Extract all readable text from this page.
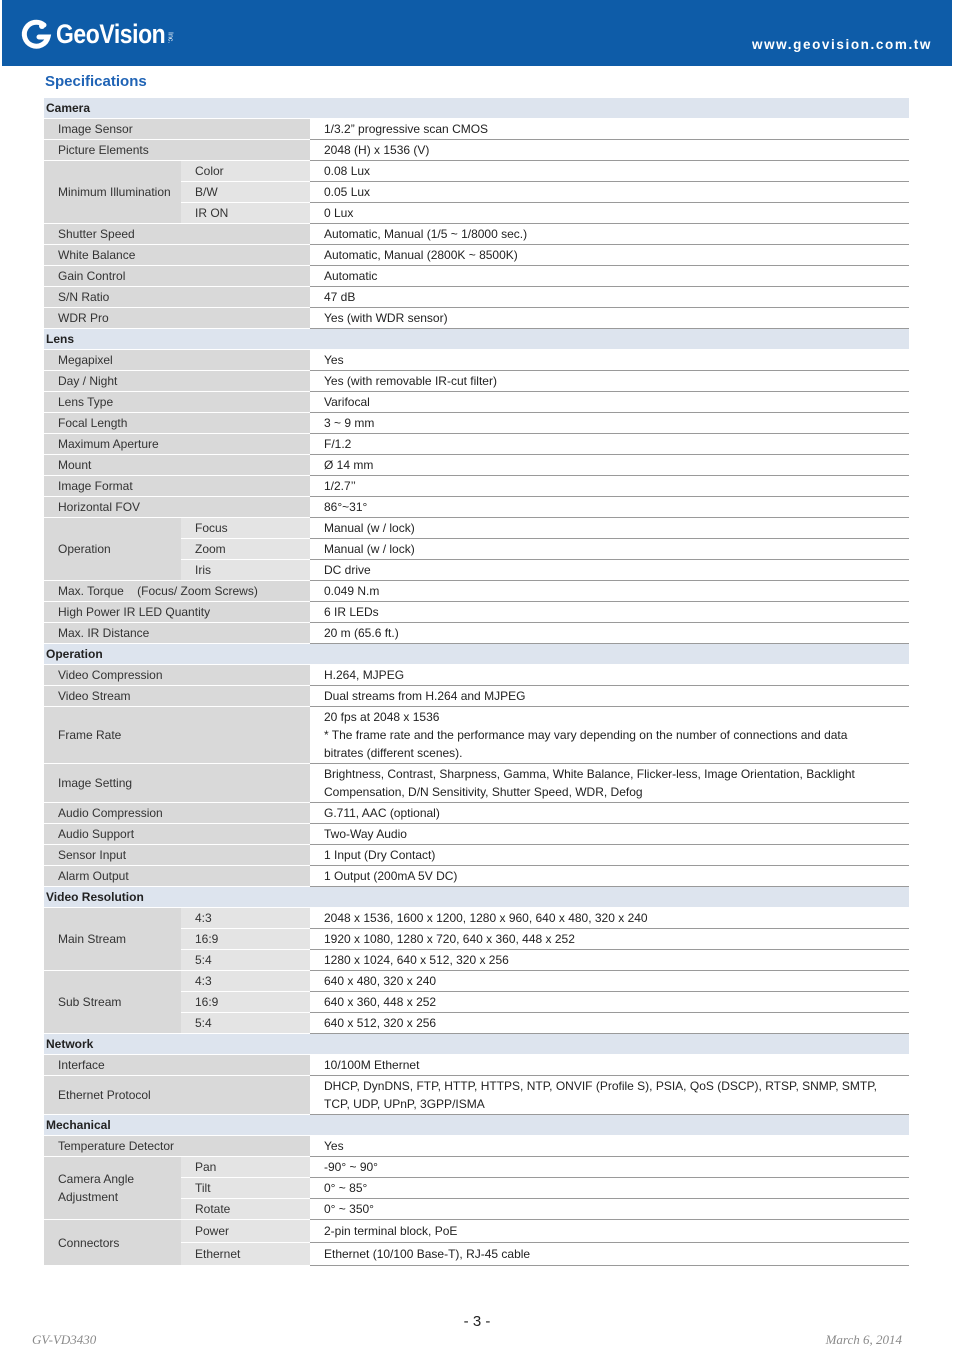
GeoVision Inc.	www.geovision.com.tw
Specifications
Camera		
Image Sensor		1/3.2” progressive scan CMOS
Picture Elements		2048 (H) x 1536 (V)
Minimum Illumination	Color	0.08 Lux
	B/W	0.05 Lux
	IR ON	0 Lux
Shutter Speed		Automatic, Manual (1/5 ~ 1/8000 sec.)
White Balance		Automatic, Manual (2800K ~ 8500K)
Gain Control		Automatic
S/N Ratio		47 dB
WDR Pro		Yes (with WDR sensor)
Lens		
Megapixel		Yes
Day / Night		Yes (with removable IR-cut filter)
Lens Type		Varifocal
Focal Length		3 ~ 9 mm
Maximum Aperture		F/1.2
Mount		Ø 14 mm
Image Format		1/2.7’’
Horizontal FOV		86°~31°
Operation	Focus	Manual (w / lock)
	Zoom	Manual (w / lock)
	Iris	DC drive
Max. Torque    (Focus/ Zoom Screws)		0.049 N.m
High Power IR LED Quantity		6 IR LEDs
Max. IR Distance		20 m (65.6 ft.)
Operation		
Video Compression		H.264, MJPEG
Video Stream		Dual streams from H.264 and MJPEG
Frame Rate		20 fps at 2048 x 1536
* The frame rate and the performance may vary depending on the number of connections and data bitrates (different scenes).

Image Setting		Brightness, Contrast, Sharpness, Gamma, White Balance, Flicker-less, Image Orientation, Backlight Compensation, D/N Sensitivity, Shutter Speed, WDR, Defog
Audio Compression		G.711, AAC (optional)
Audio Support		Two-Way Audio
Sensor Input		1 Input (Dry Contact)
Alarm Output		1 Output (200mA 5V DC)
Video Resolution		
Main Stream	4:3	2048 x 1536, 1600 x 1200, 1280 x 960, 640 x 480, 320 x 240
	16:9	1920 x 1080, 1280 x 720, 640 x 360, 448 x 252
	5:4	1280 x 1024, 640 x 512, 320 x 256
Sub Stream	4:3	640 x 480, 320 x 240
	16:9	640 x 360, 448 x 252
	5:4	640 x 512, 320 x 256
Network		
Interface		10/100M Ethernet
Ethernet Protocol		DHCP, DynDNS, FTP, HTTP, HTTPS, NTP, ONVIF (Profile S), PSIA, QoS (DSCP), RTSP, SNMP, SMTP, TCP, UDP, UPnP, 3GPP/ISMA
Mechanical		
Temperature Detector		Yes
Camera Angle Adjustment	Pan	-90° ~ 90°
	Tilt	0° ~ 85°
	Rotate	0° ~ 350°
Connectors	Power	2-pin terminal block, PoE
	Ethernet	Ethernet (10/100 Base-T), RJ-45 cable
- 3 -
GV-VD3430	March 6, 2014
